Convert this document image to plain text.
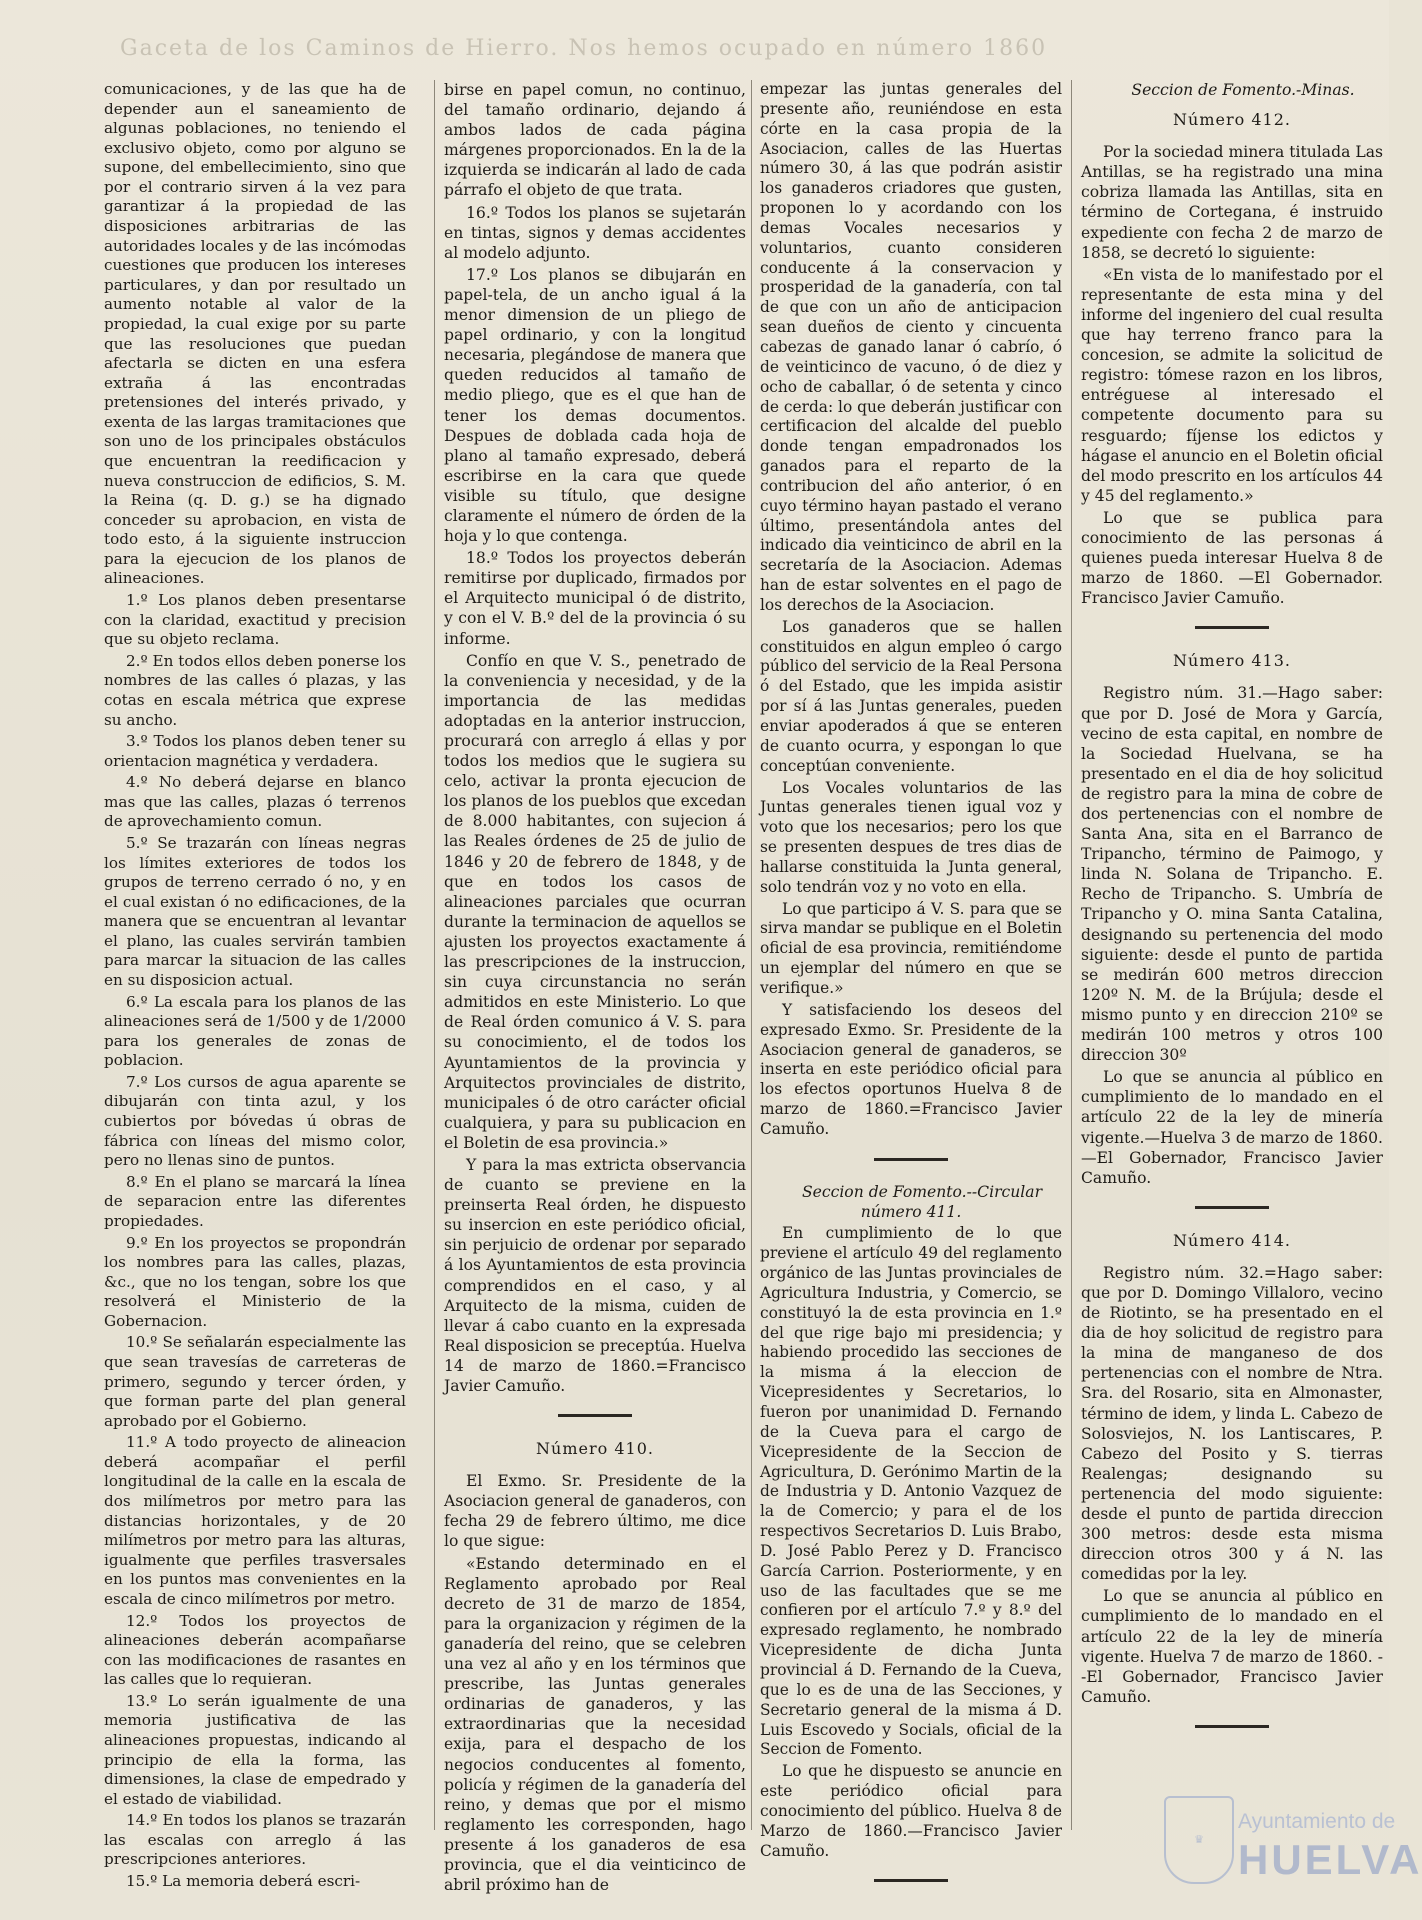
Gaceta de los Caminos de Hierro. Nos hemos ocupado en número 1860

comunicaciones, y de las que ha de depender aun el saneamiento de algunas poblaciones, no teniendo el exclusivo objeto, como por alguno se supone, del embellecimiento, sino que por el contrario sirven á la vez para garantizar á la propiedad de las disposiciones arbitrarias de las autoridades locales y de las incómodas cuestiones que producen los intereses particulares, y dan por resultado un aumento notable al valor de la propiedad, la cual exige por su parte que las resoluciones que puedan afectarla se dicten en una esfera extraña á las encontradas pretensiones del interés privado, y exenta de las largas tramitaciones que son uno de los principales obstáculos que encuentran la reedificacion y nueva construccion de edificios, S. M. la Reina (q. D. g.) se ha dignado conceder su aprobacion, en vista de todo esto, á la siguiente instruccion para la ejecucion de los planos de alineaciones.

1.º Los planos deben presentarse con la claridad, exactitud y precision que su objeto reclama.

2.º En todos ellos deben ponerse los nombres de las calles ó plazas, y las cotas en escala métrica que exprese su ancho.

3.º Todos los planos deben tener su orientacion magnética y verdadera.

4.º No deberá dejarse en blanco mas que las calles, plazas ó terrenos de aprovechamiento comun.

5.º Se trazarán con líneas negras los límites exteriores de todos los grupos de terreno cerrado ó no, y en el cual existan ó no edificaciones, de la manera que se encuentran al levantar el plano, las cuales servirán tambien para marcar la situacion de las calles en su disposicion actual.

6.º La escala para los planos de las alineaciones será de 1/500 y de 1/2000 para los generales de zonas de poblacion.

7.º Los cursos de agua aparente se dibujarán con tinta azul, y los cubiertos por bóvedas ú obras de fábrica con líneas del mismo color, pero no llenas sino de puntos.

8.º En el plano se marcará la línea de separacion entre las diferentes propiedades.

9.º En los proyectos se propondrán los nombres para las calles, plazas, &c., que no los tengan, sobre los que resolverá el Ministerio de la Gobernacion.

10.º Se señalarán especialmente las que sean travesías de carreteras de primero, segundo y tercer órden, y que forman parte del plan general aprobado por el Gobierno.

11.º A todo proyecto de alineacion deberá acompañar el perfil longitudinal de la calle en la escala de dos milímetros por metro para las distancias horizontales, y de 20 milímetros por metro para las alturas, igualmente que perfiles trasversales en los puntos mas convenientes en la escala de cinco milímetros por metro.

12.º Todos los proyectos de alineaciones deberán acompañarse con las modificaciones de rasantes en las calles que lo requieran.

13.º Lo serán igualmente de una memoria justificativa de las alineaciones propuestas, indicando al principio de ella la forma, las dimensiones, la clase de empedrado y el estado de viabilidad.

14.º En todos los planos se trazarán las escalas con arreglo á las prescripciones anteriores.

15.º La memoria deberá escri-

birse en papel comun, no continuo, del tamaño ordinario, dejando á ambos lados de cada página márgenes proporcionados. En la de la izquierda se indicarán al lado de cada párrafo el objeto de que trata.

16.º Todos los planos se sujetarán en tintas, signos y demas accidentes al modelo adjunto.

17.º Los planos se dibujarán en papel-tela, de un ancho igual á la menor dimension de un pliego de papel ordinario, y con la longitud necesaria, plegándose de manera que queden reducidos al tamaño de medio pliego, que es el que han de tener los demas documentos. Despues de doblada cada hoja de plano al tamaño expresado, deberá escribirse en la cara que quede visible su título, que designe claramente el número de órden de la hoja y lo que contenga.

18.º Todos los proyectos deberán remitirse por duplicado, firmados por el Arquitecto municipal ó de distrito, y con el V. B.º del de la provincia ó su informe.

Confío en que V. S., penetrado de la conveniencia y necesidad, y de la importancia de las medidas adoptadas en la anterior instruccion, procurará con arreglo á ellas y por todos los medios que le sugiera su celo, activar la pronta ejecucion de los planos de los pueblos que excedan de 8.000 habitantes, con sujecion á las Reales órdenes de 25 de julio de 1846 y 20 de febrero de 1848, y de que en todos los casos de alineaciones parciales que ocurran durante la terminacion de aquellos se ajusten los proyectos exactamente á las prescripciones de la instruccion, sin cuya circunstancia no serán admitidos en este Ministerio. Lo que de Real órden comunico á V. S. para su conocimiento, el de todos los Ayuntamientos de la provincia y Arquitectos provinciales de distrito, municipales ó de otro carácter oficial cualquiera, y para su publicacion en el Boletin de esa provincia.»

Y para la mas extricta observancia de cuanto se previene en la preinserta Real órden, he dispuesto su insercion en este periódico oficial, sin perjuicio de ordenar por separado á los Ayuntamientos de esta provincia comprendidos en el caso, y al Arquitecto de la misma, cuiden de llevar á cabo cuanto en la expresada Real disposicion se preceptúa. Huelva 14 de marzo de 1860.=Francisco Javier Camuño.

Número 410.

El Exmo. Sr. Presidente de la Asociacion general de ganaderos, con fecha 29 de febrero último, me dice lo que sigue:

«Estando determinado en el Reglamento aprobado por Real decreto de 31 de marzo de 1854, para la organizacion y régimen de la ganadería del reino, que se celebren una vez al año y en los términos que prescribe, las Juntas generales ordinarias de ganaderos, y las extraordinarias que la necesidad exija, para el despacho de los negocios conducentes al fomento, policía y régimen de la ganadería del reino, y demas que por el mismo reglamento les corresponden, hago presente á los ganaderos de esa provincia, que el dia veinticinco de abril próximo han de

empezar las juntas generales del presente año, reuniéndose en esta córte en la casa propia de la Asociacion, calles de las Huertas número 30, á las que podrán asistir los ganaderos criadores que gusten, proponen lo y acordando con los demas Vocales necesarios y voluntarios, cuanto consideren conducente á la conservacion y prosperidad de la ganadería, con tal de que con un año de anticipacion sean dueños de ciento y cincuenta cabezas de ganado lanar ó cabrío, ó de veinticinco de vacuno, ó de diez y ocho de caballar, ó de setenta y cinco de cerda: lo que deberán justificar con certificacion del alcalde del pueblo donde tengan empadronados los ganados para el reparto de la contribucion del año anterior, ó en cuyo término hayan pastado el verano último, presentándola antes del indicado dia veinticinco de abril en la secretaría de la Asociacion. Ademas han de estar solventes en el pago de los derechos de la Asociacion.

Los ganaderos que se hallen constituidos en algun empleo ó cargo público del servicio de la Real Persona ó del Estado, que les impida asistir por sí á las Juntas generales, pueden enviar apoderados á que se enteren de cuanto ocurra, y espongan lo que conceptúan conveniente.

Los Vocales voluntarios de las Juntas generales tienen igual voz y voto que los necesarios; pero los que se presenten despues de tres dias de hallarse constituida la Junta general, solo tendrán voz y no voto en ella.

Lo que participo á V. S. para que se sirva mandar se publique en el Boletin oficial de esa provincia, remitiéndome un ejemplar del número en que se verifique.»

Y satisfaciendo los deseos del expresado Exmo. Sr. Presidente de la Asociacion general de ganaderos, se inserta en este periódico oficial para los efectos oportunos Huelva 8 de marzo de 1860.=Francisco Javier Camuño.

Seccion de Fomento.--Circular número 411.

En cumplimiento de lo que previene el artículo 49 del reglamento orgánico de las Juntas provinciales de Agricultura Industria, y Comercio, se constituyó la de esta provincia en 1.º del que rige bajo mi presidencia; y habiendo procedido las secciones de la misma á la eleccion de Vicepresidentes y Secretarios, lo fueron por unanimidad D. Fernando de la Cueva para el cargo de Vicepresidente de la Seccion de Agricultura, D. Gerónimo Martin de la de Industria y D. Antonio Vazquez de la de Comercio; y para el de los respectivos Secretarios D. Luis Brabo, D. José Pablo Perez y D. Francisco García Carrion. Posteriormente, y en uso de las facultades que se me confieren por el artículo 7.º y 8.º del expresado reglamento, he nombrado Vicepresidente de dicha Junta provincial á D. Fernando de la Cueva, que lo es de una de las Secciones, y Secretario general de la misma á D. Luis Escovedo y Socials, oficial de la Seccion de Fomento.

Lo que he dispuesto se anuncie en este periódico oficial para conocimiento del público. Huelva 8 de Marzo de 1860.—Francisco Javier Camuño.

Seccion de Fomento.-Minas.

Número 412.

Por la sociedad minera titulada Las Antillas, se ha registrado una mina cobriza llamada las Antillas, sita en término de Cortegana, é instruido expediente con fecha 2 de marzo de 1858, se decretó lo siguiente:

«En vista de lo manifestado por el representante de esta mina y del informe del ingeniero del cual resulta que hay terreno franco para la concesion, se admite la solicitud de registro: tómese razon en los libros, entréguese al interesado el competente documento para su resguardo; fíjense los edictos y hágase el anuncio en el Boletin oficial del modo prescrito en los artículos 44 y 45 del reglamento.»

Lo que se publica para conocimiento de las personas á quienes pueda interesar Huelva 8 de marzo de 1860. —El Gobernador. Francisco Javier Camuño.

Número 413.

Registro núm. 31.—Hago saber: que por D. José de Mora y García, vecino de esta capital, en nombre de la Sociedad Huelvana, se ha presentado en el dia de hoy solicitud de registro para la mina de cobre de dos pertenencias con el nombre de Santa Ana, sita en el Barranco de Tripancho, término de Paimogo, y linda N. Solana de Tripancho. E. Recho de Tripancho. S. Umbría de Tripancho y O. mina Santa Catalina, designando su pertenencia del modo siguiente: desde el punto de partida se medirán 600 metros direccion 120º N. M. de la Brújula; desde el mismo punto y en direccion 210º se medirán 100 metros y otros 100 direccion 30º

Lo que se anuncia al público en cumplimiento de lo mandado en el artículo 22 de la ley de minería vigente.—Huelva 3 de marzo de 1860. —El Gobernador, Francisco Javier Camuño.

Número 414.

Registro núm. 32.=Hago saber: que por D. Domingo Villaloro, vecino de Riotinto, se ha presentado en el dia de hoy solicitud de registro para la mina de manganeso de dos pertenencias con el nombre de Ntra. Sra. del Rosario, sita en Almonaster, término de idem, y linda L. Cabezo de Solosviejos, N. los Lantiscares, P. Cabezo del Posito y S. tierras Realengas; designando su pertenencia del modo siguiente: desde el punto de partida direccion 300 metros: desde esta misma direccion otros 300 y á N. las comedidas por la ley.

Lo que se anuncia al público en cumplimiento de lo mandado en el artículo 22 de la ley de minería vigente. Huelva 7 de marzo de 1860. --El Gobernador, Francisco Javier Camuño.

♛
Ayuntamiento de
HUELVA
